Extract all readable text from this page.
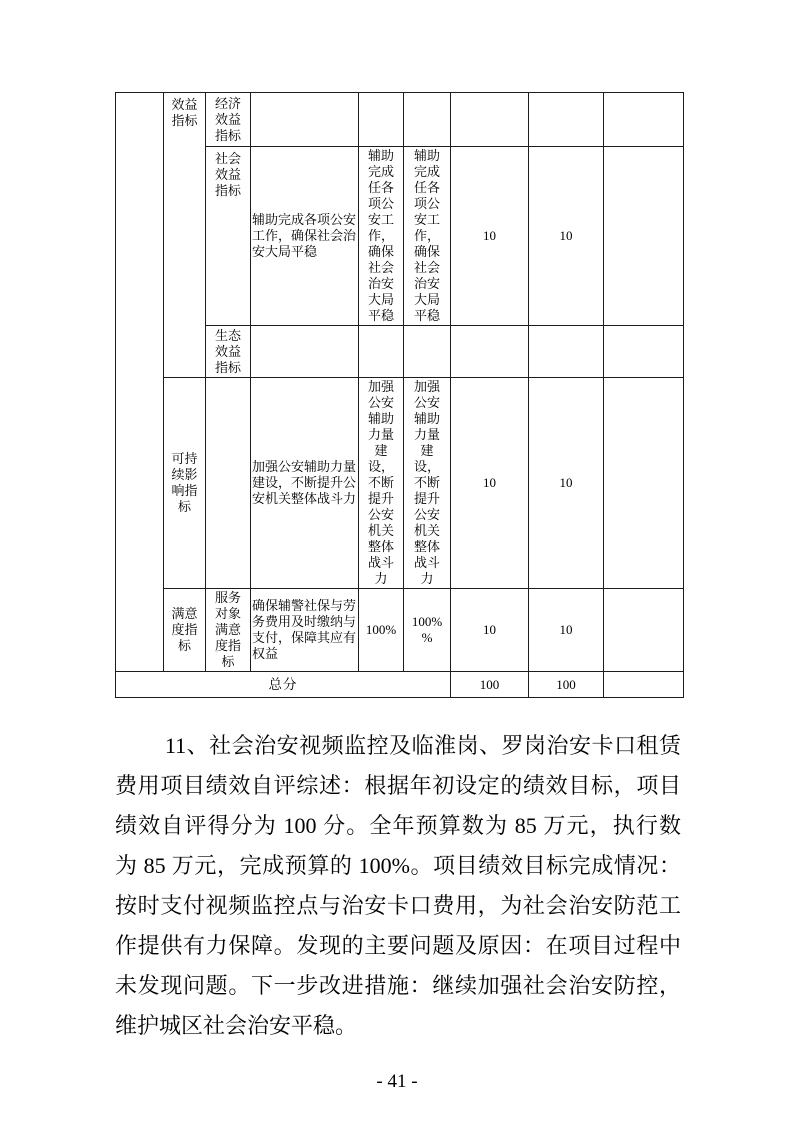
	效益指标	经济效益指标						
		社会效益指标	辅助完成各项公安工作，确保社会治安大局平稳	辅助完成任各项公安工作，确保社会治安大局平稳	辅助完成任各项公安工作，确保社会治安大局平稳	10	10	
		生态效益指标						
	可持续影响指标		加强公安辅助力量建设，不断提升公安机关整体战斗力	加强公安辅助力量建设，不断提升公安机关整体战斗力	加强公安辅助力量建设，不断提升公安机关整体战斗力	10	10	
	满意度指标	服务对象满意度指标	确保辅警社保与劳务费用及时缴纳与支付，保障其应有权益	100%	100%%	10	10	
总分						100	100	
11、社会治安视频监控及临淮岗、罗岗治安卡口租赁
费用项目绩效自评综述：根据年初设定的绩效目标，项目
绩效自评得分为 100 分。全年预算数为 85 万元，执行数
为 85 万元，完成预算的 100%。项目绩效目标完成情况：
按时支付视频监控点与治安卡口费用，为社会治安防范工
作提供有力保障。发现的主要问题及原因：在项目过程中
未发现问题。下一步改进措施：继续加强社会治安防控，
维护城区社会治安平稳。
- 41 -
